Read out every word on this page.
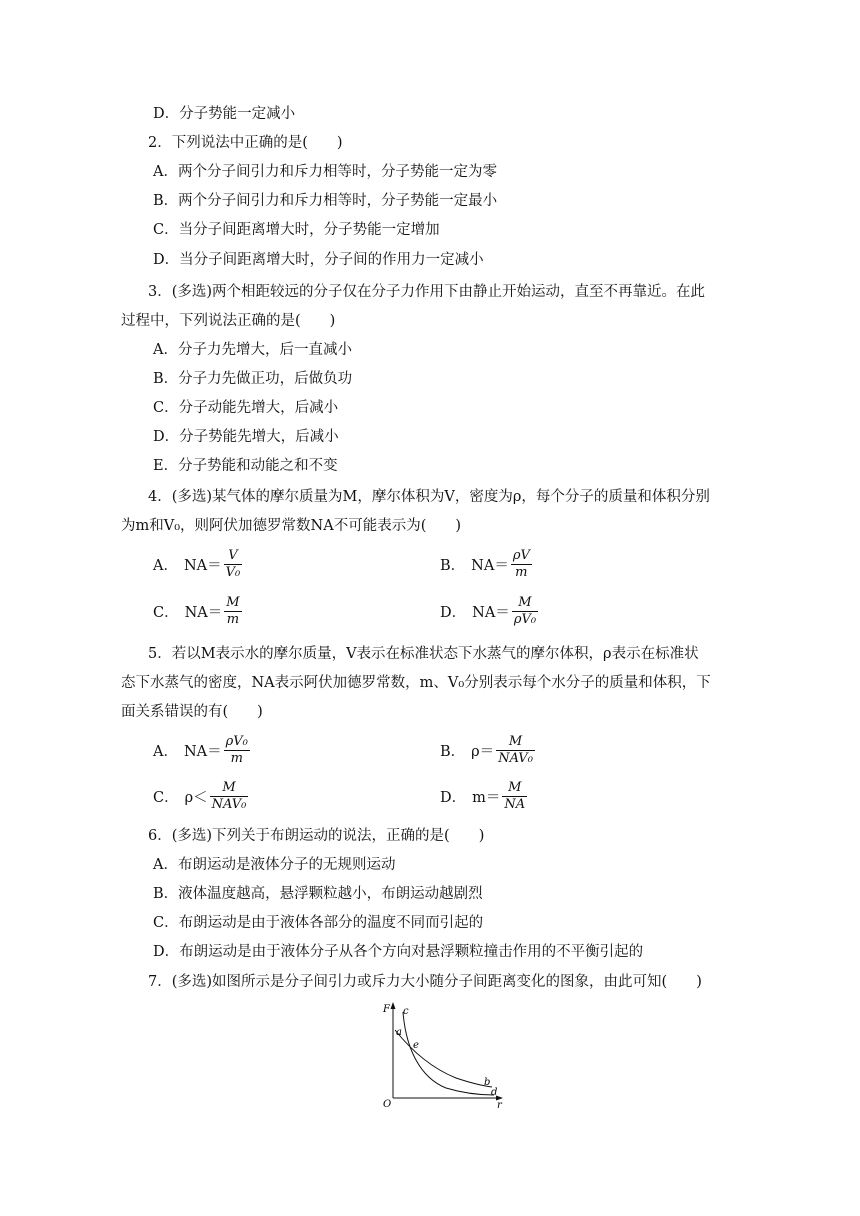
D．分子势能一定减小
2．下列说法中正确的是(　　)
A．两个分子间引力和斥力相等时，分子势能一定为零
B．两个分子间引力和斥力相等时，分子势能一定最小
C．当分子间距离增大时，分子势能一定增加
D．当分子间距离增大时，分子间的作用力一定减小
3．(多选)两个相距较远的分子仅在分子力作用下由静止开始运动，直至不再靠近。在此
过程中，下列说法正确的是(　　)
A．分子力先增大，后一直减小
B．分子力先做正功，后做负功
C．分子动能先增大，后减小
D．分子势能先增大，后减小
E．分子势能和动能之和不变
4．(多选)某气体的摩尔质量为M，摩尔体积为V，密度为ρ，每个分子的质量和体积分别
为m和V₀，则阿伏加德罗常数NA不可能表示为(　　)
A． $NA= \frac{V}{\text{V₀}}$	B． $NA= \frac{\rho V}{m}$
C． $NA= \frac{M}{m}$	D． $NA= \frac{M}{\text{ρV₀}}$
5．若以M表示水的摩尔质量，V表示在标准状态下水蒸气的摩尔体积，ρ表示在标准状
态下水蒸气的密度，NA表示阿伏加德罗常数，m、V₀分别表示每个水分子的质量和体积，下
面关系错误的有(　　)
A． $NA= \frac{\text{ρV₀}}{m}$	B． $\rho= \frac{M}{\text{NAV₀}}$
C． $\rho< \frac{M}{\text{NAV₀}}$	D． $m= \frac{M}{NA}$
6．(多选)下列关于布朗运动的说法，正确的是(　　)
A．布朗运动是液体分子的无规则运动
B．液体温度越高，悬浮颗粒越小，布朗运动越剧烈
C．布朗运动是由于液体各部分的温度不同而引起的
D．布朗运动是由于液体分子从各个方向对悬浮颗粒撞击作用的不平衡引起的
7．(多选)如图所示是分子间引力或斥力大小随分子间距离变化的图象，由此可知(　　)
F
O	r
c
a
e
b
d
